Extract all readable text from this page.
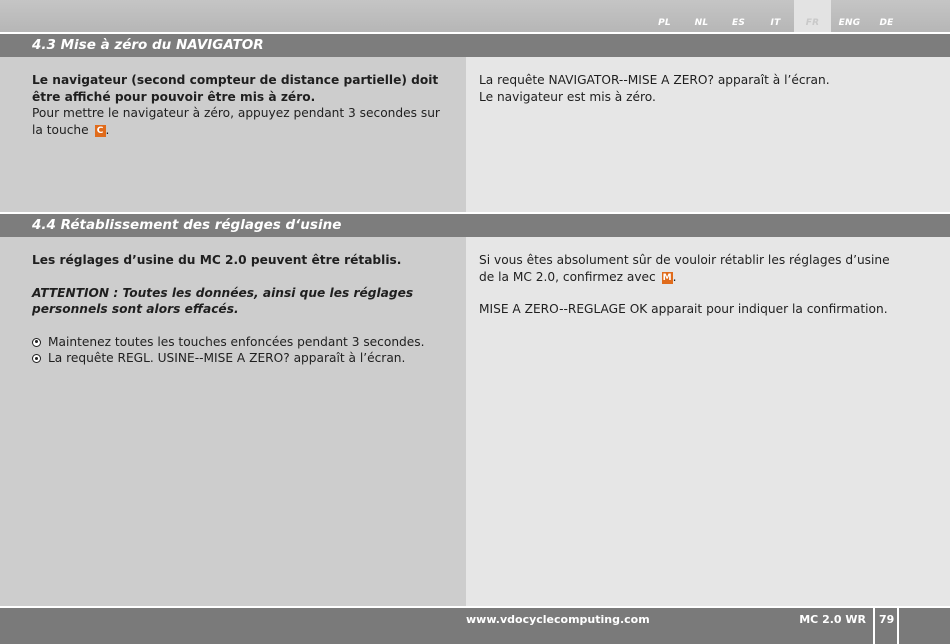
PL	NL	ES	IT	FR	ENG	DE
4.3 Mise à zéro du NAVIGATOR
Le navigateur (second compteur de distance partielle) doit être affiché pour pouvoir être mis à zéro.
Pour mettre le navigateur à zéro, appuyez pendant 3 secondes sur la touche C .
La requête NAVIGATOR--MISE A ZERO? apparaît à l’écran.
Le navigateur est mis à zéro.
4.4 Rétablissement des réglages d‘usine
Les réglages d’usine du MC 2.0 peuvent être rétablis.
ATTENTION : Toutes les données, ainsi que les réglages personnels sont alors effacés.
Maintenez toutes les touches enfoncées pendant 3 secondes.
La requête REGL. USINE--MISE A ZERO? apparaît à l’écran.
Si vous êtes absolument sûr de vouloir rétablir les réglages d’usine de la MC 2.0, confirmez avec M.
MISE A ZERO--REGLAGE OK apparait pour indiquer la confirmation.
www.vdocyclecomputing.com	MC 2.0 WR 79
